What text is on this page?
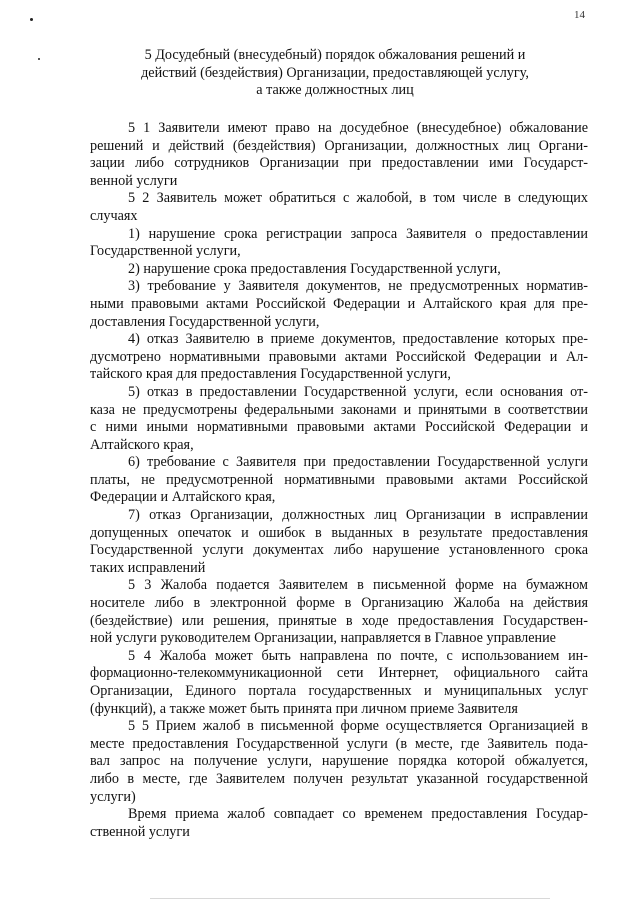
14
5 Досудебный (внесудебный) порядок обжалования решений и
действий (бездействия) Организации, предоставляющей услугу,
а также должностных лиц

5 1 Заявители имеют право на досудебное (внесудебное) обжалование
решений и действий (бездействия) Организации, должностных лиц Органи-
зации либо сотрудников Организации при предоставлении ими Государст-
венной услуги

5 2 Заявитель может обратиться с жалобой, в том числе в следующих
случаях

1) нарушение срока регистрации запроса Заявителя о предоставлении
Государственной услуги,

2) нарушение срока предоставления Государственной услуги,

3) требование у Заявителя документов, не предусмотренных норматив-
ными правовыми актами Российской Федерации и Алтайского края для пре-
доставления Государственной услуги,

4) отказ Заявителю в приеме документов, предоставление которых пре-
дусмотрено нормативными правовыми актами Российской Федерации и Ал-
тайского края для предоставления Государственной услуги,

5) отказ в предоставлении Государственной услуги, если основания от-
каза не предусмотрены федеральными законами и принятыми в соответствии
с ними иными нормативными правовыми актами Российской Федерации и
Алтайского края,

6) требование с Заявителя при предоставлении Государственной услуги
платы, не предусмотренной нормативными правовыми актами Российской
Федерации и Алтайского края,

7) отказ Организации, должностных лиц Организации в исправлении
допущенных опечаток и ошибок в выданных в результате предоставления
Государственной услуги документах либо нарушение установленного срока
таких исправлений

5 3 Жалоба подается Заявителем в письменной форме на бумажном
носителе либо в электронной форме в Организацию Жалоба на действия
(бездействие) или решения, принятые в ходе предоставления Государствен-
ной услуги руководителем Организации, направляется в Главное управление

5 4 Жалоба может быть направлена по почте, с использованием ин-
формационно-телекоммуникационной сети Интернет, официального сайта
Организации, Единого портала государственных и муниципальных услуг
(функций), а также может быть принята при личном приеме Заявителя

5 5 Прием жалоб в письменной форме осуществляется Организацией в
месте предоставления Государственной услуги (в месте, где Заявитель пода-
вал запрос на получение услуги, нарушение порядка которой обжалуется,
либо в месте, где Заявителем получен результат указанной государственной
услуги)

Время приема жалоб совпадает со временем предоставления Государ-
ственной услуги
